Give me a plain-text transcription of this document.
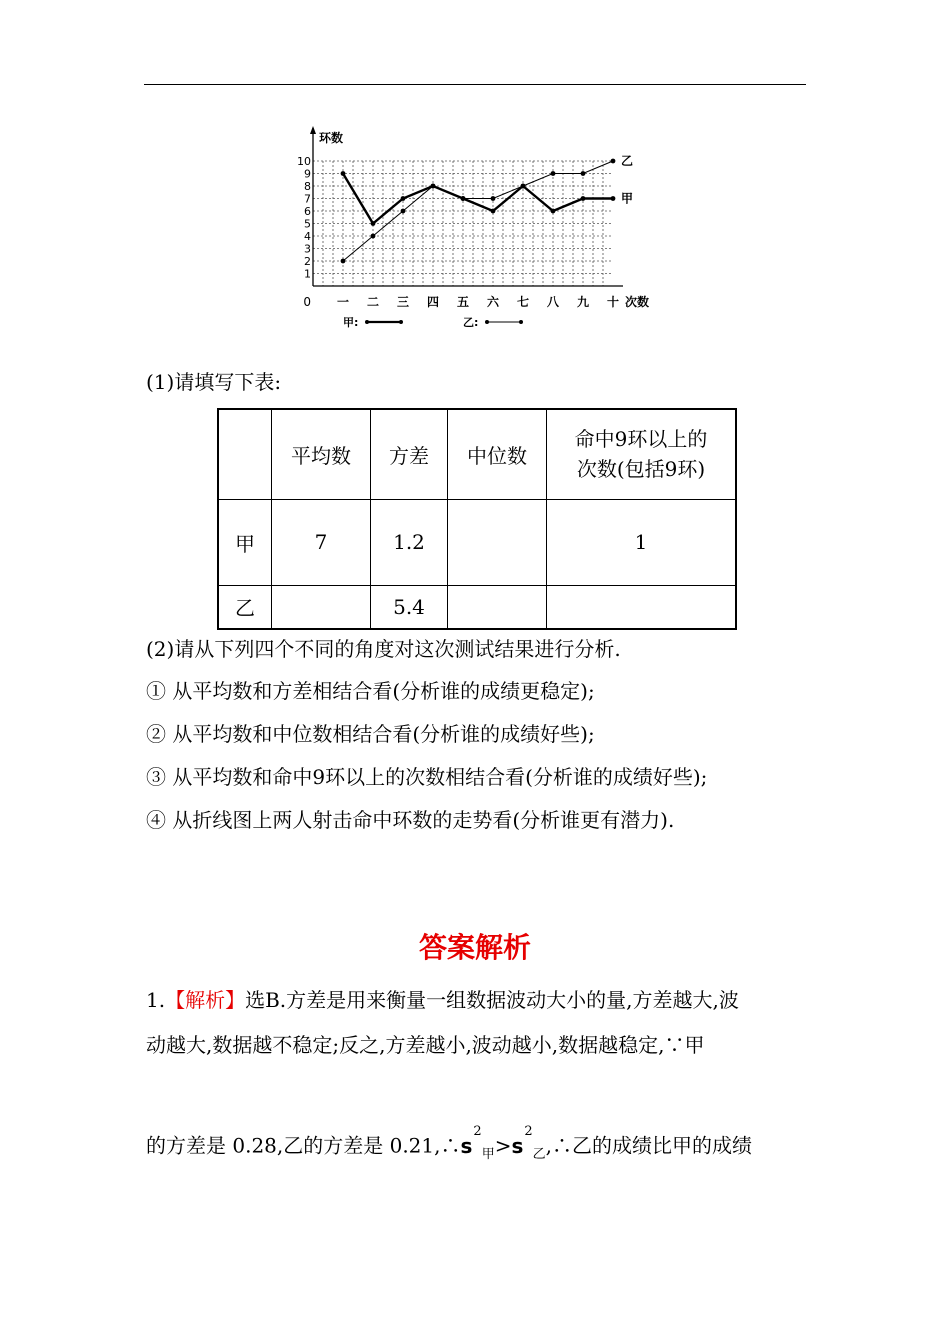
1
2
3
4
5
6
7
8
9
10
一 二 三 四 五 六 七 八 九 十
0	次数
环数
甲
乙
甲:	乙:
(1)请填写下表:
	平均数	方差	中位数	命中9环以上的
次数(包括9环)

甲	7	1.2		1
乙		5.4		
(2)请从下列四个不同的角度对这次测试结果进行分析.
① 从平均数和方差相结合看(分析谁的成绩更稳定);
② 从平均数和中位数相结合看(分析谁的成绩好些);
③ 从平均数和命中9环以上的次数相结合看(分析谁的成绩好些);
④ 从折线图上两人射击命中环数的走势看(分析谁更有潜力).
答案解析
1.【解析】选B.方差是用来衡量一组数据波动大小的量,方差越大,波
动越大,数据越不稳定;反之,方差越小,波动越小,数据越稳定,∵甲
的方差是 0.28,乙的方差是 $0.21,\therefore s^2_甲>s^2_乙,\therefore$乙的成绩比甲的成绩
